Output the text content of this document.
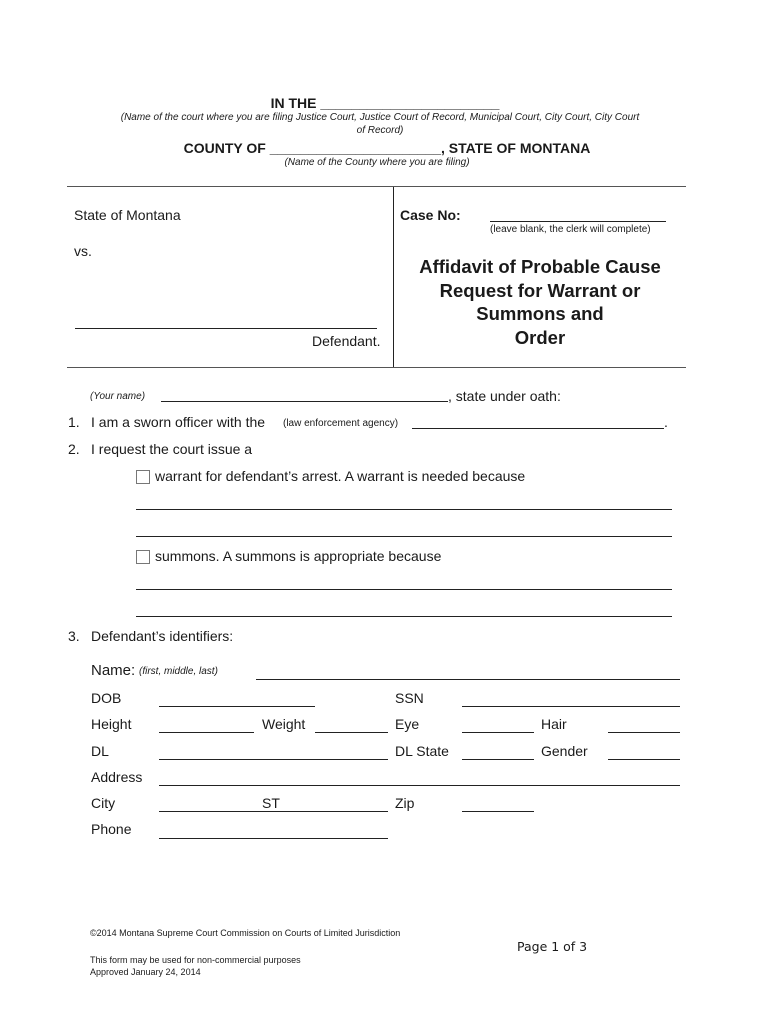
IN THE _______________________
(Name of the court where you are filing Justice Court, Justice Court of Record, Municipal Court, City Court, City Court
of Record)
COUNTY OF ______________________, STATE OF MONTANA
(Name of the County where you are filing)
State of Montana
vs.
Defendant.
Case No:
(leave blank, the clerk will complete)
Affidavit of Probable Cause
Request for Warrant or
Summons and
Order
(Your name)	, state under oath:
1. I am a sworn officer with the (law enforcement agency)	.
2. I request the court issue a
warrant for defendant’s arrest. A warrant is needed because
summons. A summons is appropriate because
3. Defendant’s identifiers:
Name: (first, middle, last)
DOB	SSN
Height	Weight	Eye	Hair
DL	DL State	Gender
Address
City	ST	Zip
Phone
©2014 Montana Supreme Court Commission on Courts of Limited Jurisdiction
Page 1 of 3
This form may be used for non-commercial purposes
Approved January 24, 2014
